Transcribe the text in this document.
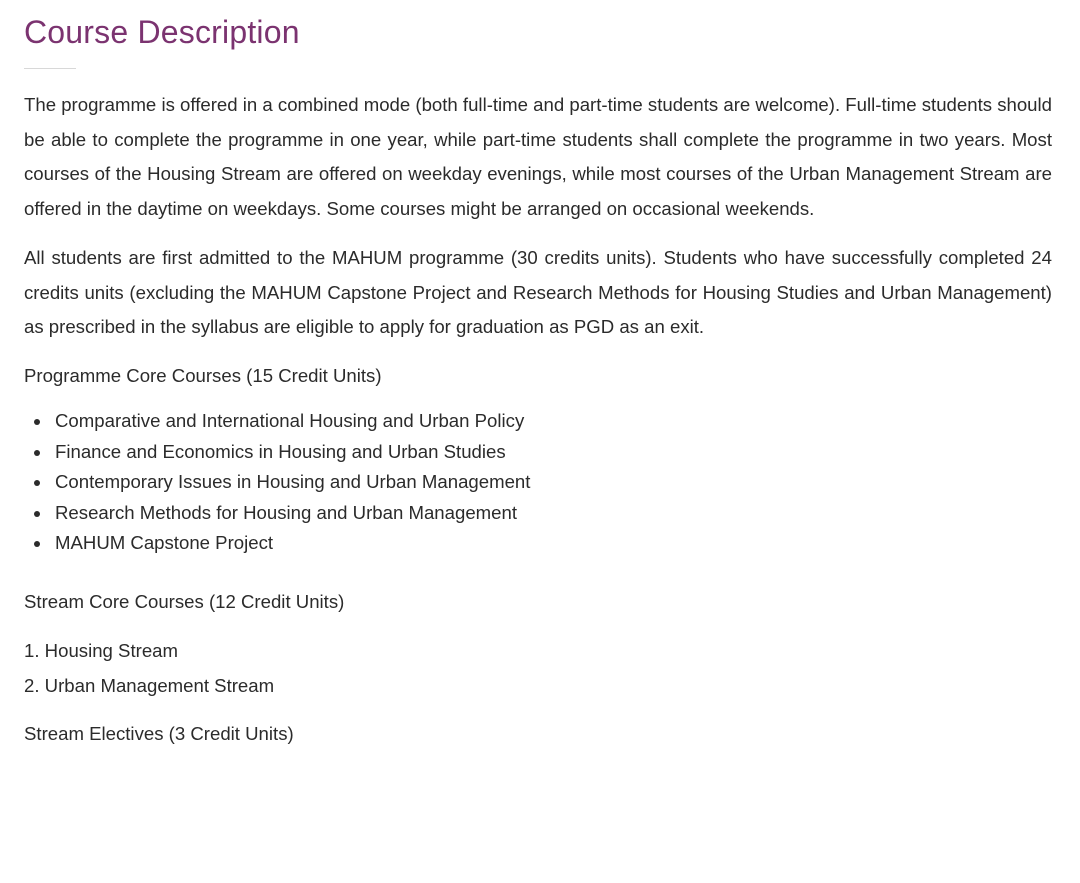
Course Description

The programme is offered in a combined mode (both full-time and part-time students are welcome). Full-time students should be able to complete the programme in one year, while part-time students shall complete the programme in two years. Most courses of the Housing Stream are offered on weekday evenings, while most courses of the Urban Management Stream are offered in the daytime on weekdays. Some courses might be arranged on occasional weekends.

All students are first admitted to the MAHUM programme (30 credits units). Students who have successfully completed 24 credits units (excluding the MAHUM Capstone Project and Research Methods for Housing Studies and Urban Management) as prescribed in the syllabus are eligible to apply for graduation as PGD as an exit.

Programme Core Courses (15 Credit Units)
Comparative and International Housing and Urban Policy
Finance and Economics in Housing and Urban Studies
Contemporary Issues in Housing and Urban Management
Research Methods for Housing and Urban Management
MAHUM Capstone Project
Stream Core Courses (12 Credit Units)
1. Housing Stream
2. Urban Management Stream
Stream Electives (3 Credit Units)
